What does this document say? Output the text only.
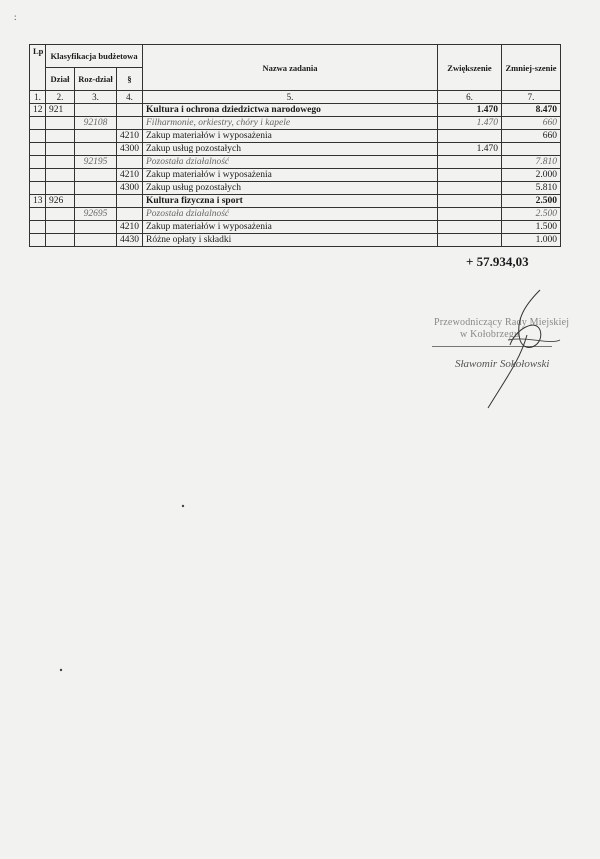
:
Lp	Klasyfikacja budżetowa			Nazwa zadania	Zwiększenie	Zmniej-szenie
	Dział	Roz-dział	§			
1.	2.	3.	4.	5.	6.	7.
12	921			Kultura i ochrona dziedzictwa narodowego	1.470	8.470
		92108		Filharmonie, orkiestry, chóry i kapele	1.470	660
			4210	Zakup materiałów i wyposażenia		660
			4300	Zakup usług pozostałych	1.470	
		92195		Pozostała działalność		7.810
			4210	Zakup materiałów i wyposażenia		2.000
			4300	Zakup usług pozostałych		5.810
13	926			Kultura fizyczna i sport		2.500
		92695		Pozostała działalność		2.500
			4210	Zakup materiałów i wyposażenia		1.500
			4430	Różne opłaty i składki		1.000
+ 57.934,03
Przewodniczący Rady Miejskiej
w Kołobrzegu
Sławomir Sokołowski
